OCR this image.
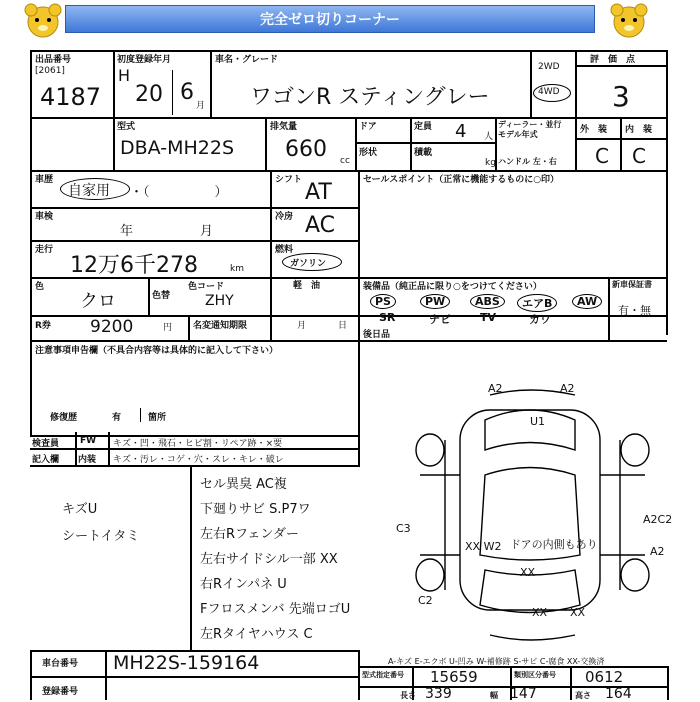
完全ゼロ切りコーナー
出品番号
[2061]
4187
初度登録年月
H
20 6
月
車名・グレード
ワゴンR スティングレー
2WD
4WD
評　価　点
3
型式
DBA-MH22S
排気量
660 cc
ドア	定員 4 人
形状	積載
kg
ディーラー・並行
モデル年式
ハンドル 左・右
外　装 内　装
C C
車歴
自家用 ・（　　　　　）
シフト AT	セールスポイント（正常に機能するものに○印）
車検
年	月
冷房 AC
走行
12万6千278	km
燃料
ガソリン
軽　油
色
クロ	色替
色コード
ZHY
装備品（純正品に限り○をつけてください）	新車保証書
有・無
PS	PW	ABS	エアB	AW
SR	ナビ	TV	カワ
R券 9200	円 名変通知期限	月	日
後日品
注意事項申告欄（不具合内容等は具体的に記入して下さい）
修復歴	有	箇所
検査員 FW キズ・凹・飛石・ヒビ割・リペア跡・×要
記入欄 内装 キズ・汚レ・コゲ・穴・スレ・キレ・破レ
キズU
シートイタミ
セル異臭 AC複
下廻りサビ S.P7ワ
左右Rフェンダー
左右サイドシル一部 XX
右Rインパネ U
Fフロスメンバ 先端ロゴU
左Rタイヤハウス C
A2	A2
U1
A2C2
A2
C3
XX W2
XX
C2
XX XX
ドアの内側もあり
車台番号 MH22S-159164
登録番号
A-キズ E-エクボ U-凹み W-補修跡 S-サビ C-腐食 XX-交換済
型式指定番号 15659	類別区分番号 0612
長さ 339	幅 147	高さ 164
